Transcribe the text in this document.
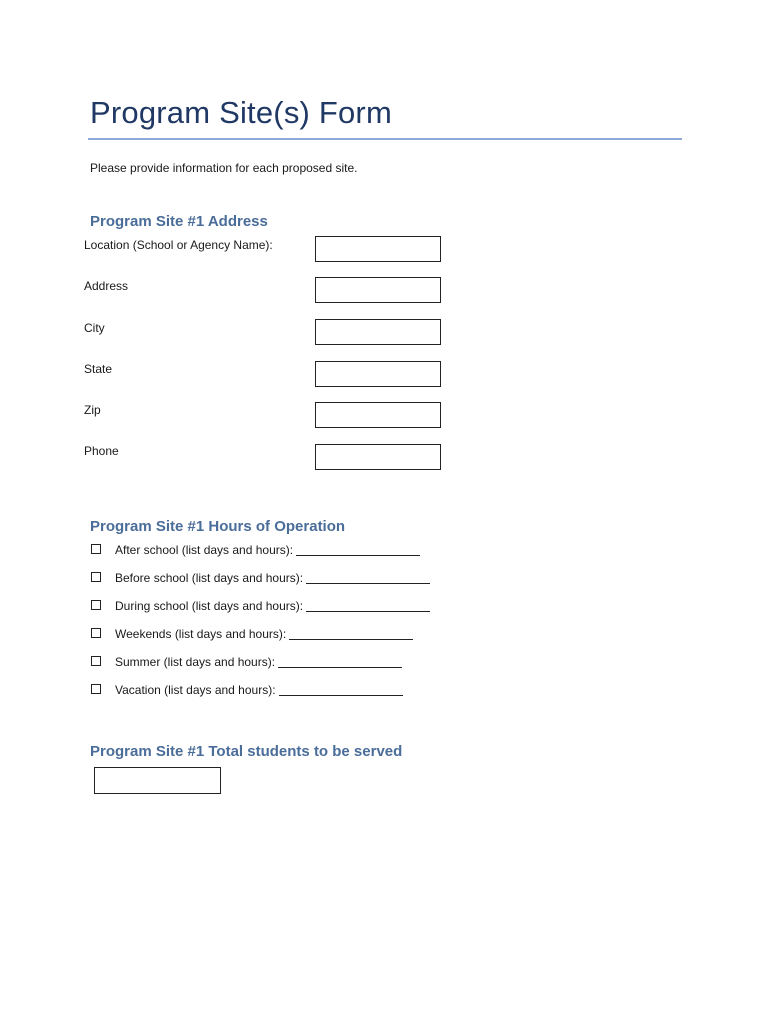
Program Site(s) Form
Please provide information for each proposed site.
Program Site #1 Address
Location (School or Agency Name):
Address
City
State
Zip
Phone
Program Site #1 Hours of Operation
After school (list days and hours):
Before school (list days and hours):
During school (list days and hours):
Weekends (list days and hours):
Summer (list days and hours):
Vacation (list days and hours):
Program Site #1 Total students to be served
